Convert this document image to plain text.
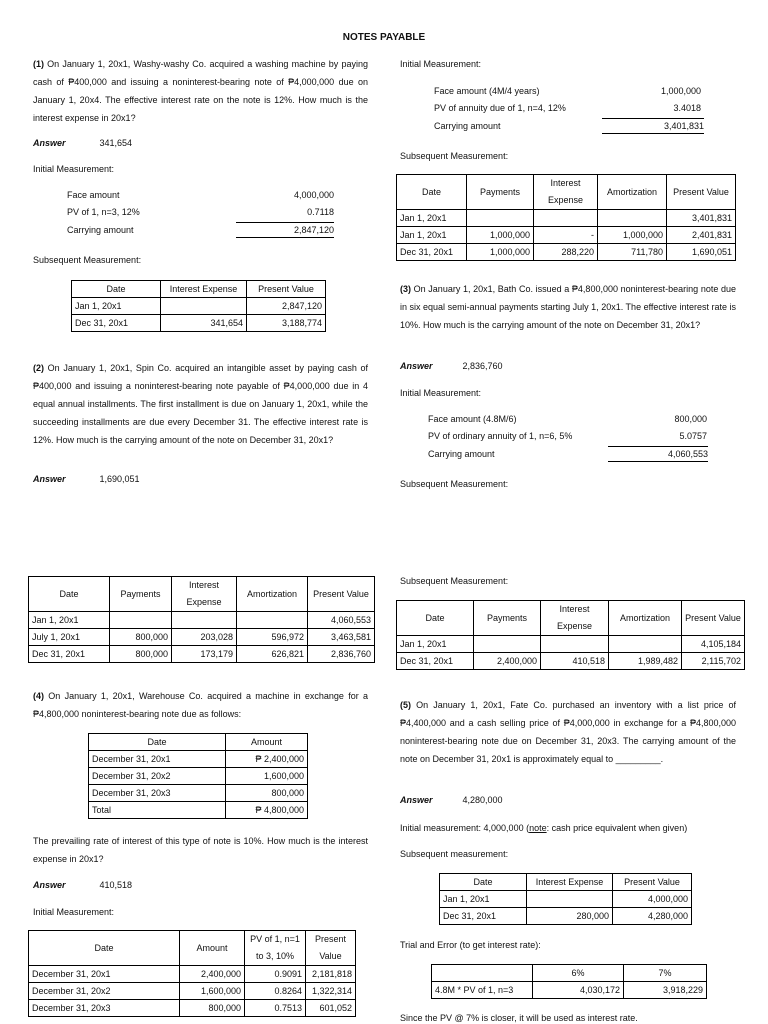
NOTES PAYABLE

(1) On January 1, 20x1, Washy-washy Co. acquired a washing machine by paying cash of ₱400,000 and issuing a noninterest-bearing note of ₱4,000,000 due on January 1, 20x4. The effective interest rate on the note is 12%. How much is the interest expense in 20x1?

Answer	341,654
Initial Measurement:
Face amount	4,000,000
PV of 1, n=3, 12%	0.7118
Carrying amount	2,847,120
Subsequent Measurement:
Date	Interest Expense	Present Value
Jan 1, 20x1		2,847,120
Dec 31, 20x1	341,654	3,188,774

(2) On January 1, 20x1, Spin Co. acquired an intangible asset by paying cash of ₱400,000 and issuing a noninterest-bearing note payable of ₱4,000,000 due in 4 equal annual installments. The first installment is due on January 1, 20x1, while the succeeding installments are due every December 31. The effective interest rate is 12%. How much is the carrying amount of the note on December 31, 20x1?

Answer	1,690,051
Date	Payments	Interest Expense	Amortization	Present Value
Jan 1, 20x1				4,060,553
July 1, 20x1	800,000	203,028	596,972	3,463,581
Dec 31, 20x1	800,000	173,179	626,821	2,836,760

(4) On January 1, 20x1, Warehouse Co. acquired a machine in exchange for a ₱4,800,000 noninterest-bearing note due as follows:

Date	Amount
December 31, 20x1	₱ 2,400,000
December 31, 20x2	1,600,000
December 31, 20x3	800,000
Total	₱ 4,800,000

The prevailing rate of interest of this type of note is 10%. How much is the interest expense in 20x1?

Answer	410,518
Initial Measurement:
Date	Amount	PV of 1, n=1 to 3, 10%	Present Value
December 31, 20x1	2,400,000	0.9091	2,181,818
December 31, 20x2	1,600,000	0.8264	1,322,314
December 31, 20x3	800,000	0.7513	601,052
Initial Measurement:
Face amount (4M/4 years)	1,000,000
PV of annuity due of 1, n=4, 12%	3.4018
Carrying amount	3,401,831
Subsequent Measurement:
Date	Payments	Interest Expense	Amortization	Present Value
Jan 1, 20x1				3,401,831
Jan 1, 20x1	1,000,000	-	1,000,000	2,401,831
Dec 31, 20x1	1,000,000	288,220	711,780	1,690,051

(3) On January 1, 20x1, Bath Co. issued a ₱4,800,000 noninterest-bearing note due in six equal semi-annual payments starting July 1, 20x1. The effective interest rate is 10%. How much is the carrying amount of the note on December 31, 20x1?

Answer	2,836,760
Initial Measurement:
Face amount (4.8M/6)	800,000
PV of ordinary annuity of 1, n=6, 5%	5.0757
Carrying amount	4,060,553
Subsequent Measurement:
Subsequent Measurement:
Date	Payments	Interest Expense	Amortization	Present Value
Jan 1, 20x1				4,105,184
Dec 31, 20x1	2,400,000	410,518	1,989,482	2,115,702

(5) On January 1, 20x1, Fate Co. purchased an inventory with a list price of ₱4,400,000 and a cash selling price of ₱4,000,000 in exchange for a ₱4,800,000 noninterest-bearing note due on December 31, 20x3. The carrying amount of the note on December 31, 20x1 is approximately equal to _________.

Answer	4,280,000
Initial measurement: 4,000,000 (note: cash price equivalent when given)
Subsequent measurement:
Date	Interest Expense	Present Value
Jan 1, 20x1		4,000,000
Dec 31, 20x1	280,000	4,280,000
Trial and Error (to get interest rate):
	6%	7%
4.8M * PV of 1, n=3	4,030,172	3,918,229
Since the PV @ 7% is closer, it will be used as interest rate.
